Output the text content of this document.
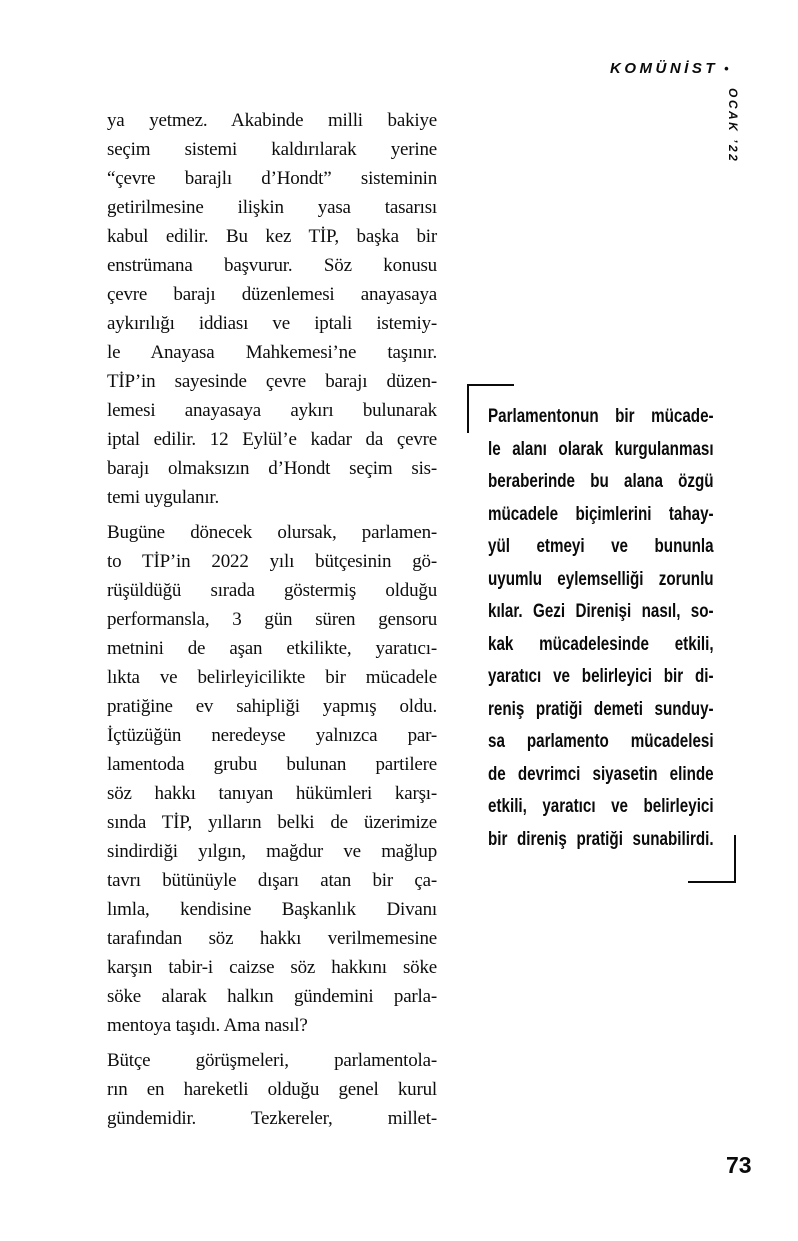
KOMÜNİST •
OCAK ’22
ya yetmez. Akabinde milli bakiye
seçim sistemi kaldırılarak yerine
“çevre barajlı d’Hondt” sisteminin
getirilmesine ilişkin yasa tasarısı
kabul edilir. Bu kez TİP, başka bir
enstrümana başvurur. Söz konusu
çevre barajı düzenlemesi anayasaya
aykırılığı iddiası ve iptali istemiy-
le Anayasa Mahkemesi’ne taşınır.
TİP’in sayesinde çevre barajı düzen-
lemesi anayasaya aykırı bulunarak
iptal edilir. 12 Eylül’e kadar da çevre
barajı olmaksızın d’Hondt seçim sis-
temi uygulanır.
Bugüne dönecek olursak, parlamen-
to TİP’in 2022 yılı bütçesinin gö-
rüşüldüğü sırada göstermiş olduğu
performansla, 3 gün süren gensoru
metnini de aşan etkilikte, yaratıcı-
lıkta ve belirleyicilikte bir mücadele
pratiğine ev sahipliği yapmış oldu.
İçtüzüğün neredeyse yalnızca par-
lamentoda grubu bulunan partilere
söz hakkı tanıyan hükümleri karşı-
sında TİP, yılların belki de üzerimize
sindirdiği yılgın, mağdur ve mağlup
tavrı bütünüyle dışarı atan bir ça-
lımla, kendisine Başkanlık Divanı
tarafından söz hakkı verilmemesine
karşın tabir-i caizse söz hakkını söke
söke alarak halkın gündemini parla-
mentoya taşıdı. Ama nasıl?
Bütçe görüşmeleri, parlamentola-
rın en hareketli olduğu genel kurul
gündemidir. Tezkereler, millet-
Parlamentonun bir mücade-
le alanı olarak kurgulanması
beraberinde bu alana özgü
mücadele biçimlerini tahay-
yül etmeyi ve bununla
uyumlu eylemselliği zorunlu
kılar. Gezi Direnişi nasıl, so-
kak mücadelesinde etkili,
yaratıcı ve belirleyici bir di-
reniş pratiği demeti sunduy-
sa parlamento mücadelesi
de devrimci siyasetin elinde
etkili, yaratıcı ve belirleyici
bir direniş pratiği sunabilirdi.
73
